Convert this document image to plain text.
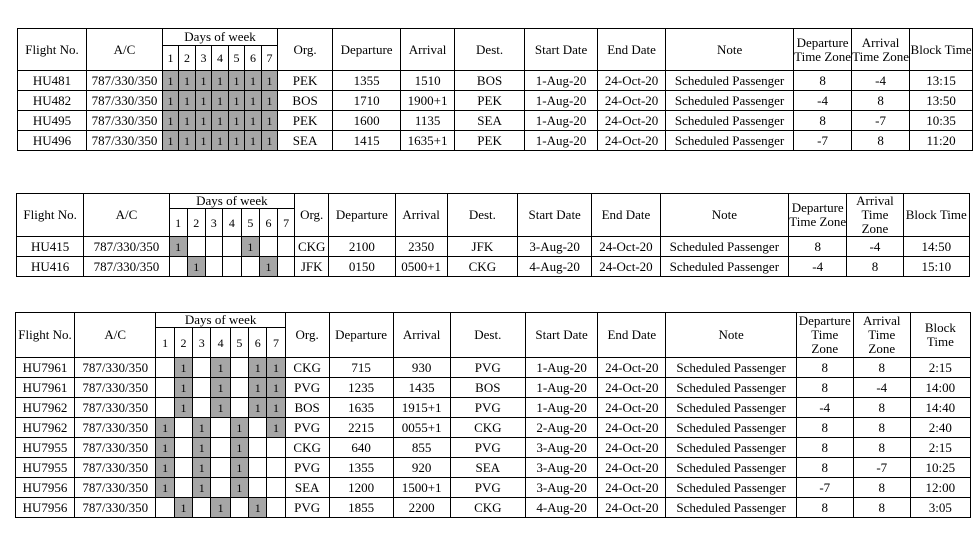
Flight No.	A/C	Days of week							Org.	Departure	Arrival	Dest.	Start Date	End Date	Note	Departure Time Zone	Arrival Time Zone	Block Time
		1	2	3	4	5	6	7										
HU481	787/330/350	1	1	1	1	1	1	1	PEK	1355	1510	BOS	1-Aug-20	24-Oct-20	Scheduled Passenger	8	-4	13:15
HU482	787/330/350	1	1	1	1	1	1	1	BOS	1710	1900+1	PEK	1-Aug-20	24-Oct-20	Scheduled Passenger	-4	8	13:50
HU495	787/330/350	1	1	1	1	1	1	1	PEK	1600	1135	SEA	1-Aug-20	24-Oct-20	Scheduled Passenger	8	-7	10:35
HU496	787/330/350	1	1	1	1	1	1	1	SEA	1415	1635+1	PEK	1-Aug-20	24-Oct-20	Scheduled Passenger	-7	8	11:20
Flight No.	A/C	Days of week							Org.	Departure	Arrival	Dest.	Start Date	End Date	Note	Departure Time Zone	Arrival Time Zone	Block Time
		1	2	3	4	5	6	7										
HU415	787/330/350	1				1			CKG	2100	2350	JFK	3-Aug-20	24-Oct-20	Scheduled Passenger	8	-4	14:50
HU416	787/330/350		1				1		JFK	0150	0500+1	CKG	4-Aug-20	24-Oct-20	Scheduled Passenger	-4	8	15:10
Flight No.	A/C	Days of week							Org.	Departure	Arrival	Dest.	Start Date	End Date	Note	Departure Time Zone	Arrival Time Zone	Block Time
		1	2	3	4	5	6	7										
HU7961	787/330/350		1		1		1	1	CKG	715	930	PVG	1-Aug-20	24-Oct-20	Scheduled Passenger	8	8	2:15
HU7961	787/330/350		1		1		1	1	PVG	1235	1435	BOS	1-Aug-20	24-Oct-20	Scheduled Passenger	8	-4	14:00
HU7962	787/330/350		1		1		1	1	BOS	1635	1915+1	PVG	1-Aug-20	24-Oct-20	Scheduled Passenger	-4	8	14:40
HU7962	787/330/350	1		1		1		1	PVG	2215	0055+1	CKG	2-Aug-20	24-Oct-20	Scheduled Passenger	8	8	2:40
HU7955	787/330/350	1		1		1			CKG	640	855	PVG	3-Aug-20	24-Oct-20	Scheduled Passenger	8	8	2:15
HU7955	787/330/350	1		1		1			PVG	1355	920	SEA	3-Aug-20	24-Oct-20	Scheduled Passenger	8	-7	10:25
HU7956	787/330/350	1		1		1			SEA	1200	1500+1	PVG	3-Aug-20	24-Oct-20	Scheduled Passenger	-7	8	12:00
HU7956	787/330/350		1		1		1		PVG	1855	2200	CKG	4-Aug-20	24-Oct-20	Scheduled Passenger	8	8	3:05
